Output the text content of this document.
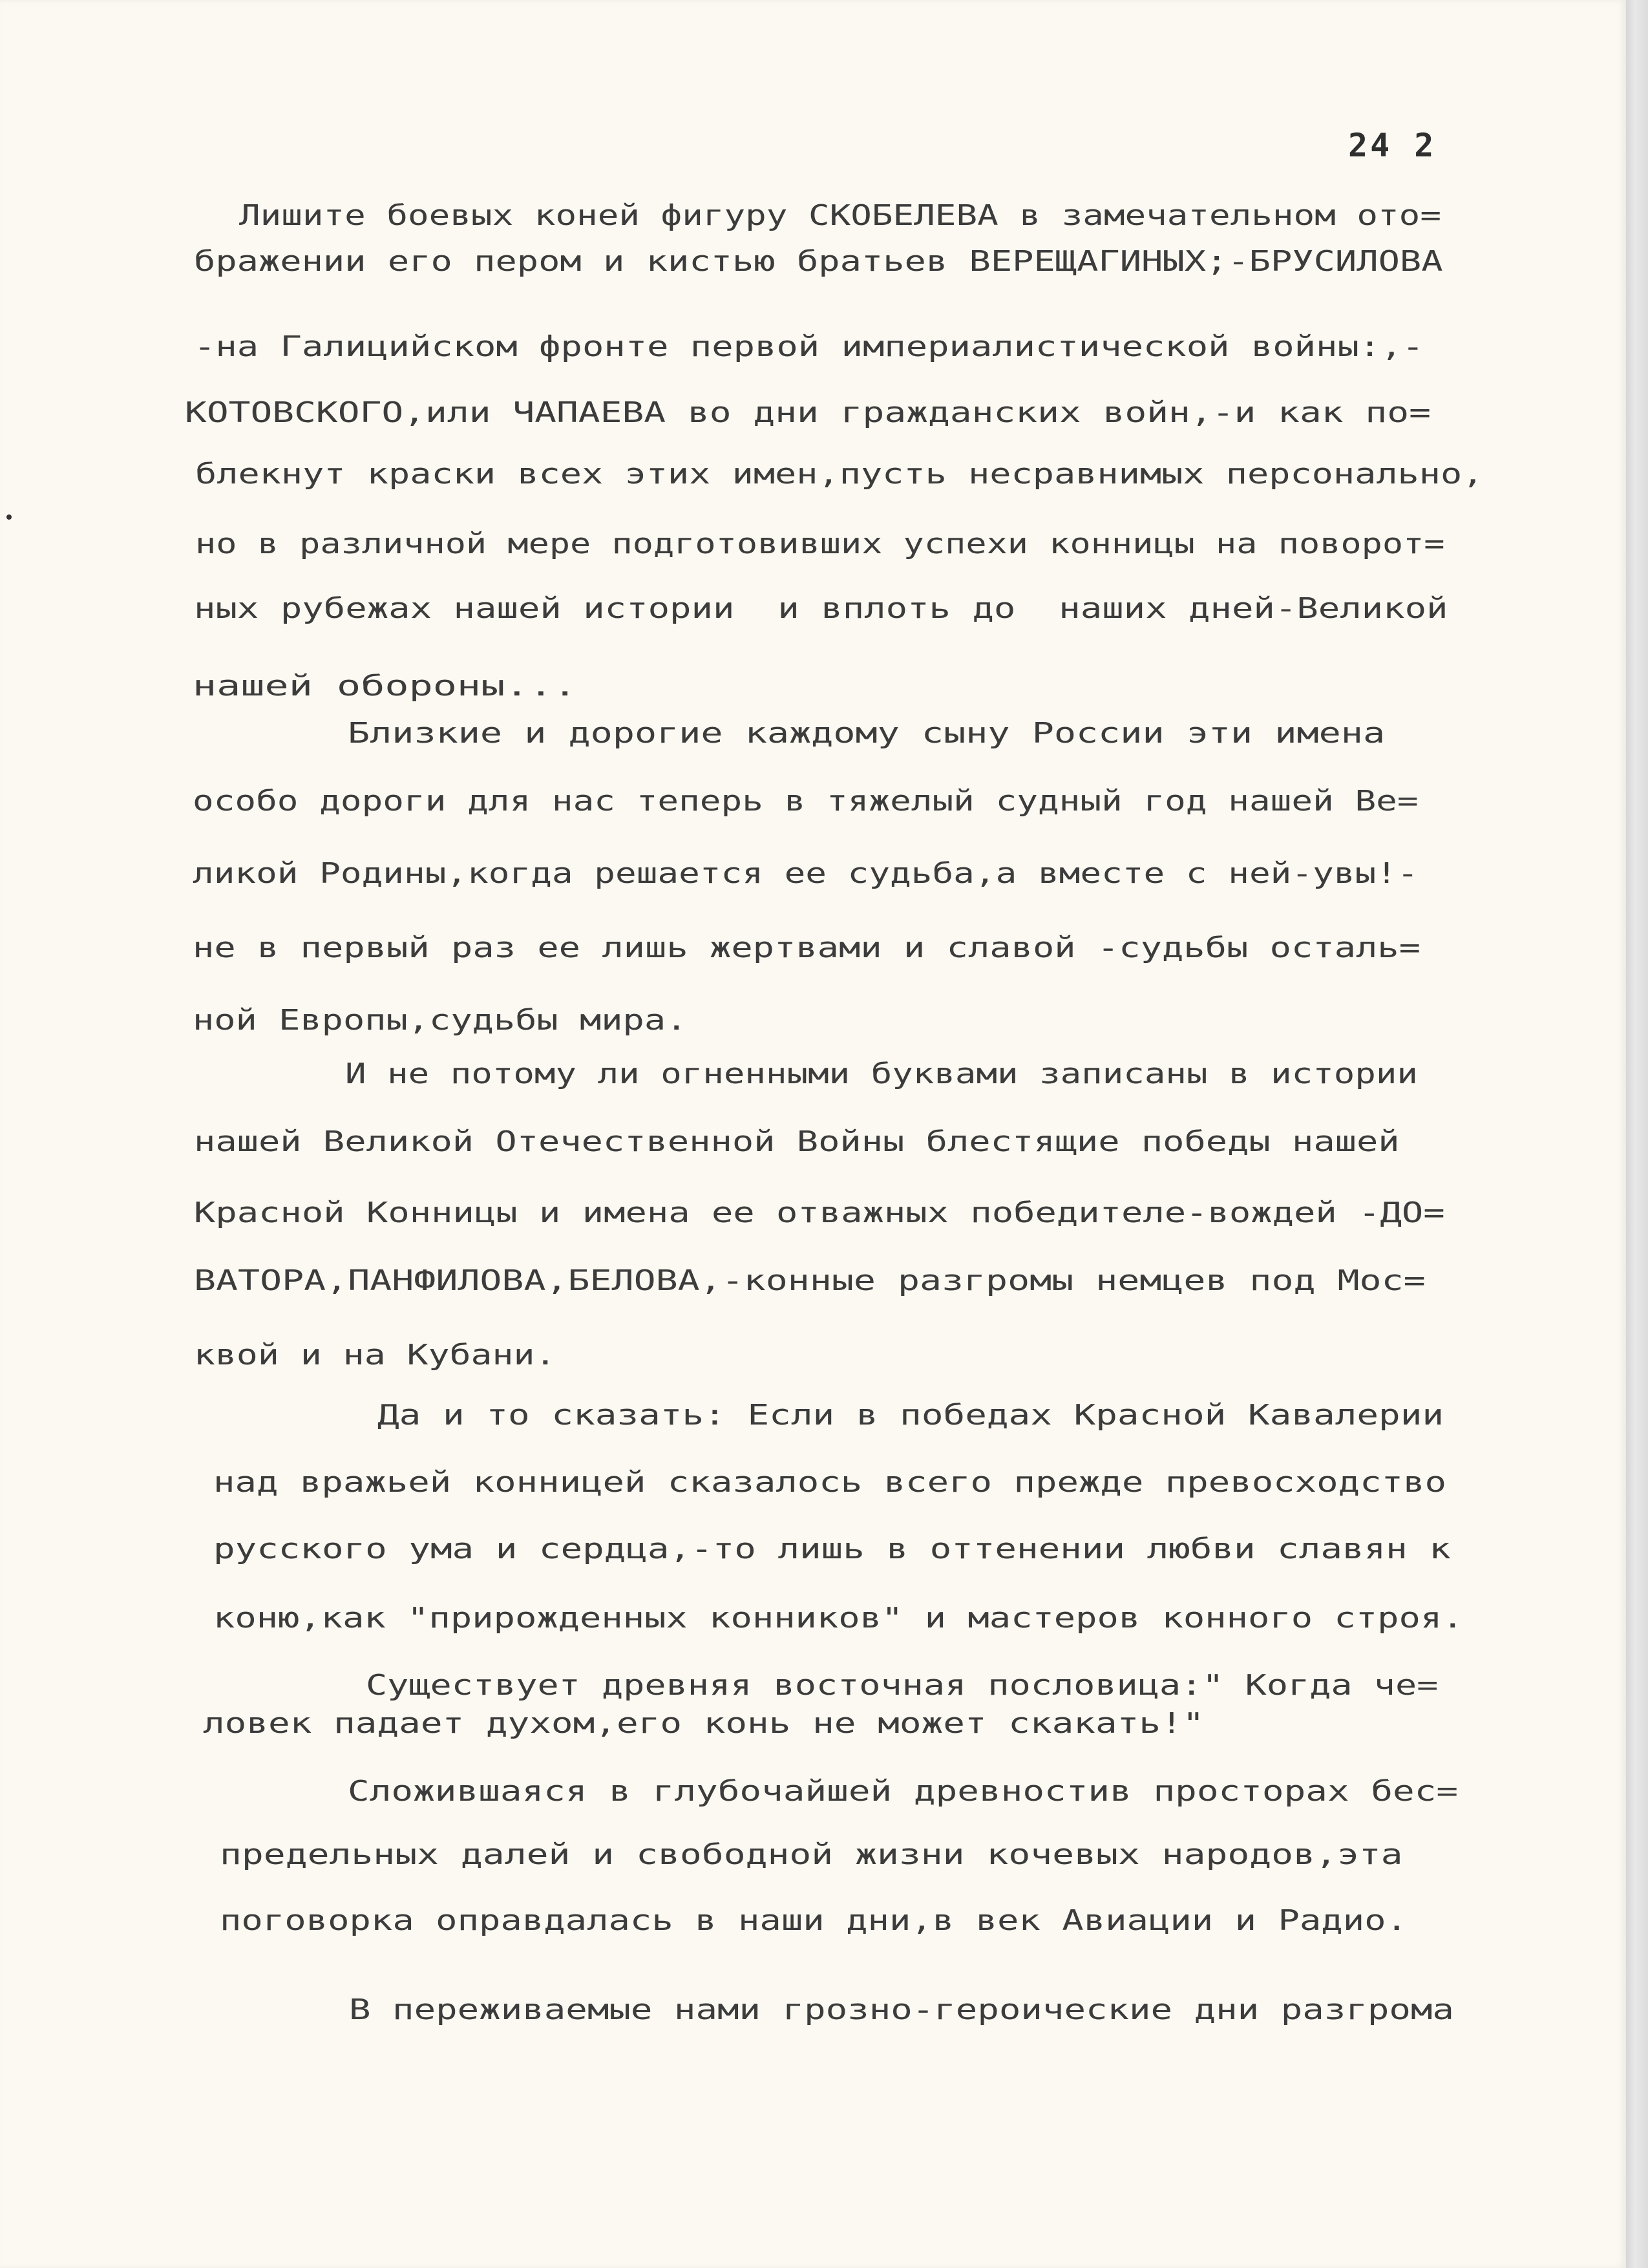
24 2
Лишите боевых коней фигуру СКОБЕЛЕВА в замечательном ото=
бражении его пером и кистью братьев ВЕРЕЩАГИНЫХ;-БРУСИЛОВА
-на Галицийском фронте первой империалистической войны:,-
КОТОВСКОГО,или ЧАПАЕВА во дни гражданских войн,-и как по=
блекнут краски всех этих имен,пусть несравнимых персонально,
но в различной мере подготовивших успехи конницы на поворот=
ных рубежах нашей истории  и вплоть до  наших дней-Великой
нашей обороны...
Близкие и дорогие каждому сыну России эти имена
особо дороги для нас теперь в тяжелый судный год нашей Ве=
ликой Родины,когда решается ее судьба,а вместе с ней-увы!-
не в первый раз ее лишь жертвами и славой -судьбы осталь=
ной Европы,судьбы мира.
И не потому ли огненными буквами записаны в истории
нашей Великой Отечественной Войны блестящие победы нашей
Красной Конницы и имена ее отважных победителе-вождей -ДО=
ВАТОРА,ПАНФИЛОВА,БЕЛОВА,-конные разгромы немцев под Мос=
квой и на Кубани.
Да и то сказать: Если в победах Красной Кавалерии
над вражьей конницей сказалось всего прежде превосходство
русского ума и сердца,-то лишь в оттенении любви славян к
коню,как "прирожденных конников" и мастеров конного строя.
Существует древняя восточная пословица:" Когда че=
ловек падает духом,его конь не может скакать!"
Сложившаяся в глубочайшей древностив просторах бес=
предельных далей и свободной жизни кочевых народов,эта
поговорка оправдалась в наши дни,в век Авиации и Радио.
В переживаемые нами грозно-героические дни разгрома
